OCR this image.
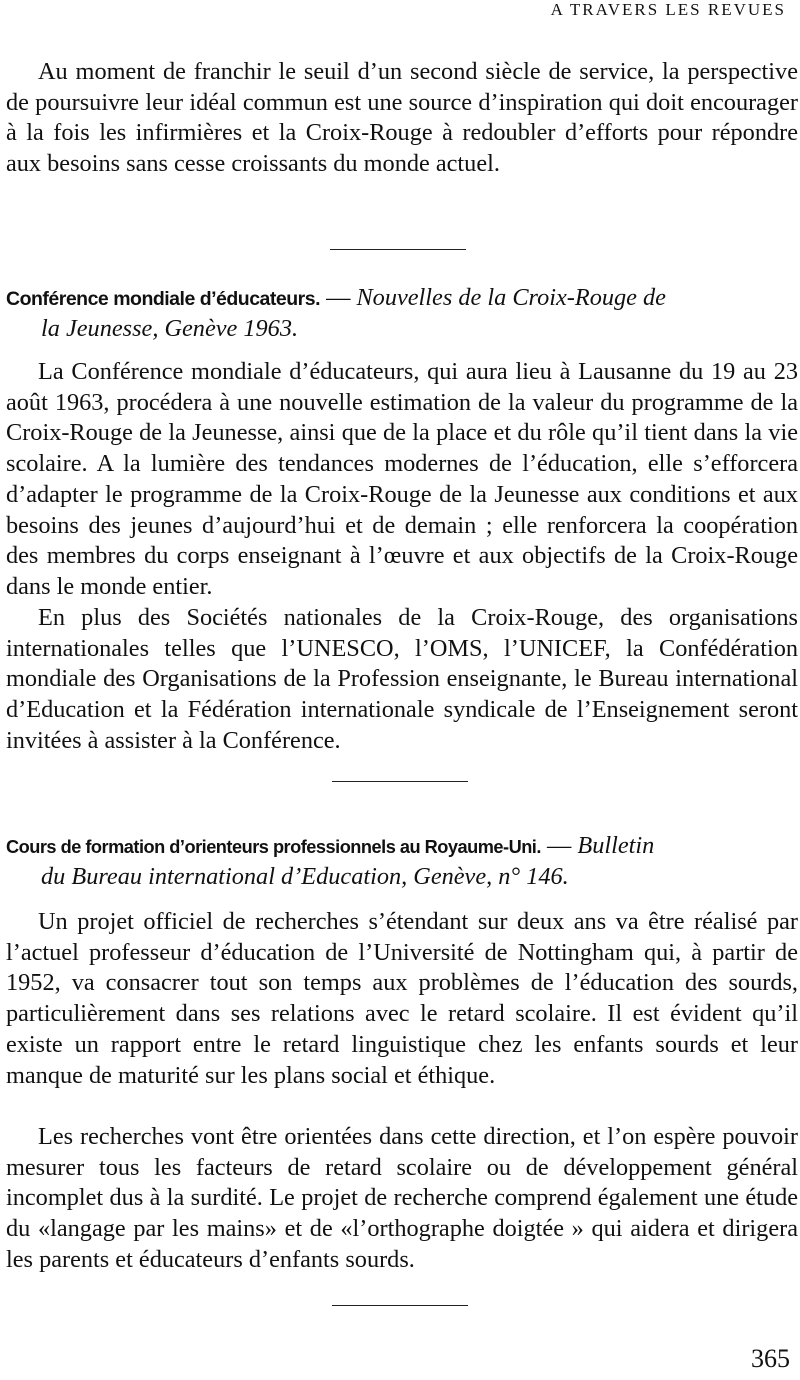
A TRAVERS LES REVUES

Au moment de franchir le seuil d’un second siècle de service, la perspective de poursuivre leur idéal commun est une source d’inspiration qui doit encourager à la fois les infirmières et la Croix-Rouge à redoubler d’efforts pour répondre aux besoins sans cesse croissants du monde actuel.

Conférence mondiale d’éducateurs. — Nouvelles de la Croix-Rouge de
la Jeunesse, Genève 1963.

La Conférence mondiale d’éducateurs, qui aura lieu à Lausanne du 19 au 23 août 1963, procédera à une nouvelle estimation de la valeur du programme de la Croix-Rouge de la Jeunesse, ainsi que de la place et du rôle qu’il tient dans la vie scolaire. A la lumière des tendances modernes de l’éducation, elle s’efforcera d’adapter le programme de la Croix-Rouge de la Jeunesse aux conditions et aux besoins des jeunes d’aujourd’hui et de demain ; elle renforcera la coopération des membres du corps enseignant à l’œuvre et aux objectifs de la Croix-Rouge dans le monde entier.

En plus des Sociétés nationales de la Croix-Rouge, des organisations internationales telles que l’UNESCO, l’OMS, l’UNICEF, la Confédération mondiale des Organisations de la Profession enseignante, le Bureau international d’Education et la Fédération internationale syndicale de l’Enseignement seront invitées à assister à la Conférence.

Cours de formation d’orienteurs professionnels au Royaume-Uni. — Bulletin
du Bureau international d’Education, Genève, n° 146.

Un projet officiel de recherches s’étendant sur deux ans va être réalisé par l’actuel professeur d’éducation de l’Université de Nottingham qui, à partir de 1952, va consacrer tout son temps aux problèmes de l’éducation des sourds, particulièrement dans ses relations avec le retard scolaire. Il est évident qu’il existe un rapport entre le retard linguistique chez les enfants sourds et leur manque de maturité sur les plans social et éthique.

Les recherches vont être orientées dans cette direction, et l’on espère pouvoir mesurer tous les facteurs de retard scolaire ou de développement général incomplet dus à la surdité. Le projet de recherche comprend également une étude du «langage par les mains» et de «l’orthographe doigtée » qui aidera et dirigera les parents et éducateurs d’enfants sourds.

365
